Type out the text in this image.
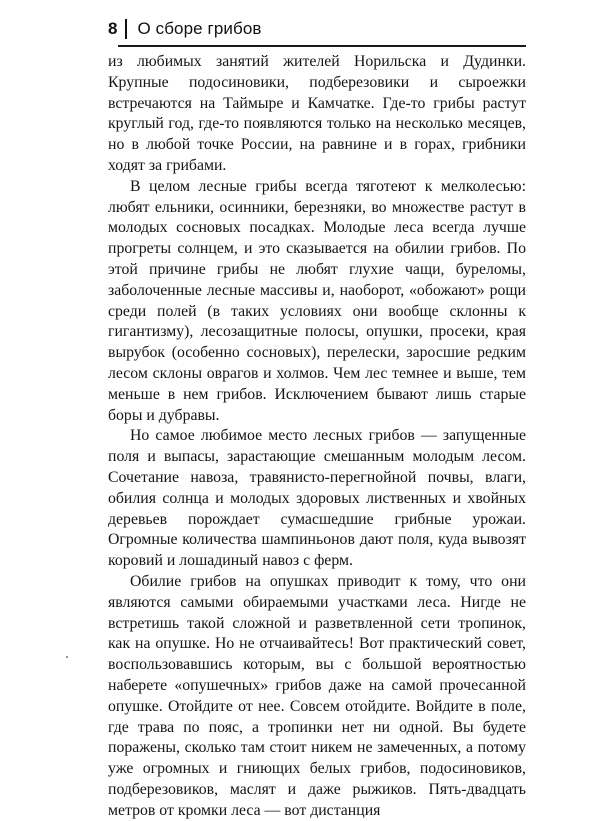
8 О сборе грибов

из любимых занятий жителей Норильска и Дудинки. Крупные подосиновики, подберезовики и сыроежки встречаются на Таймыре и Камчатке. Где-то грибы растут круглый год, где-то появляются только на несколько месяцев, но в любой точке России, на равнине и в горах, грибники ходят за грибами.

В целом лесные грибы всегда тяготеют к мелколесью: любят ельники, осинники, березняки, во множестве растут в молодых сосновых посадках. Молодые леса всегда лучше прогреты солнцем, и это сказывается на обилии грибов. По этой причине грибы не любят глухие чащи, буреломы, заболоченные лесные массивы и, наоборот, «обожают» рощи среди полей (в таких условиях они вообще склонны к гигантизму), лесозащитные полосы, опушки, просеки, края вырубок (особенно сосновых), перелески, заросшие редким лесом склоны оврагов и холмов. Чем лес темнее и выше, тем меньше в нем грибов. Исключением бывают лишь старые боры и дубравы.

Но самое любимое место лесных грибов — запущенные поля и выпасы, зарастающие смешанным молодым лесом. Сочетание навоза, травянисто-перегнойной почвы, влаги, обилия солнца и молодых здоровых лиственных и хвойных деревьев порождает сумасшедшие грибные урожаи. Огромные количества шампиньонов дают поля, куда вывозят коровий и лошадиный навоз с ферм.

Обилие грибов на опушках приводит к тому, что они являются самыми обираемыми участками леса. Нигде не встретишь такой сложной и разветвленной сети тропинок, как на опушке. Но не отчаивайтесь! Вот практический совет, воспользовавшись которым, вы с большой вероятностью наберете «опушечных» грибов даже на самой прочесанной опушке. Отойдите от нее. Совсем отойдите. Войдите в поле, где трава по пояс, а тропинки нет ни одной. Вы будете поражены, сколько там стоит никем не замеченных, а потому уже огромных и гниющих белых грибов, подосиновиков, подберезовиков, маслят и даже рыжиков. Пять-двадцать метров от кромки леса — вот дистанция
